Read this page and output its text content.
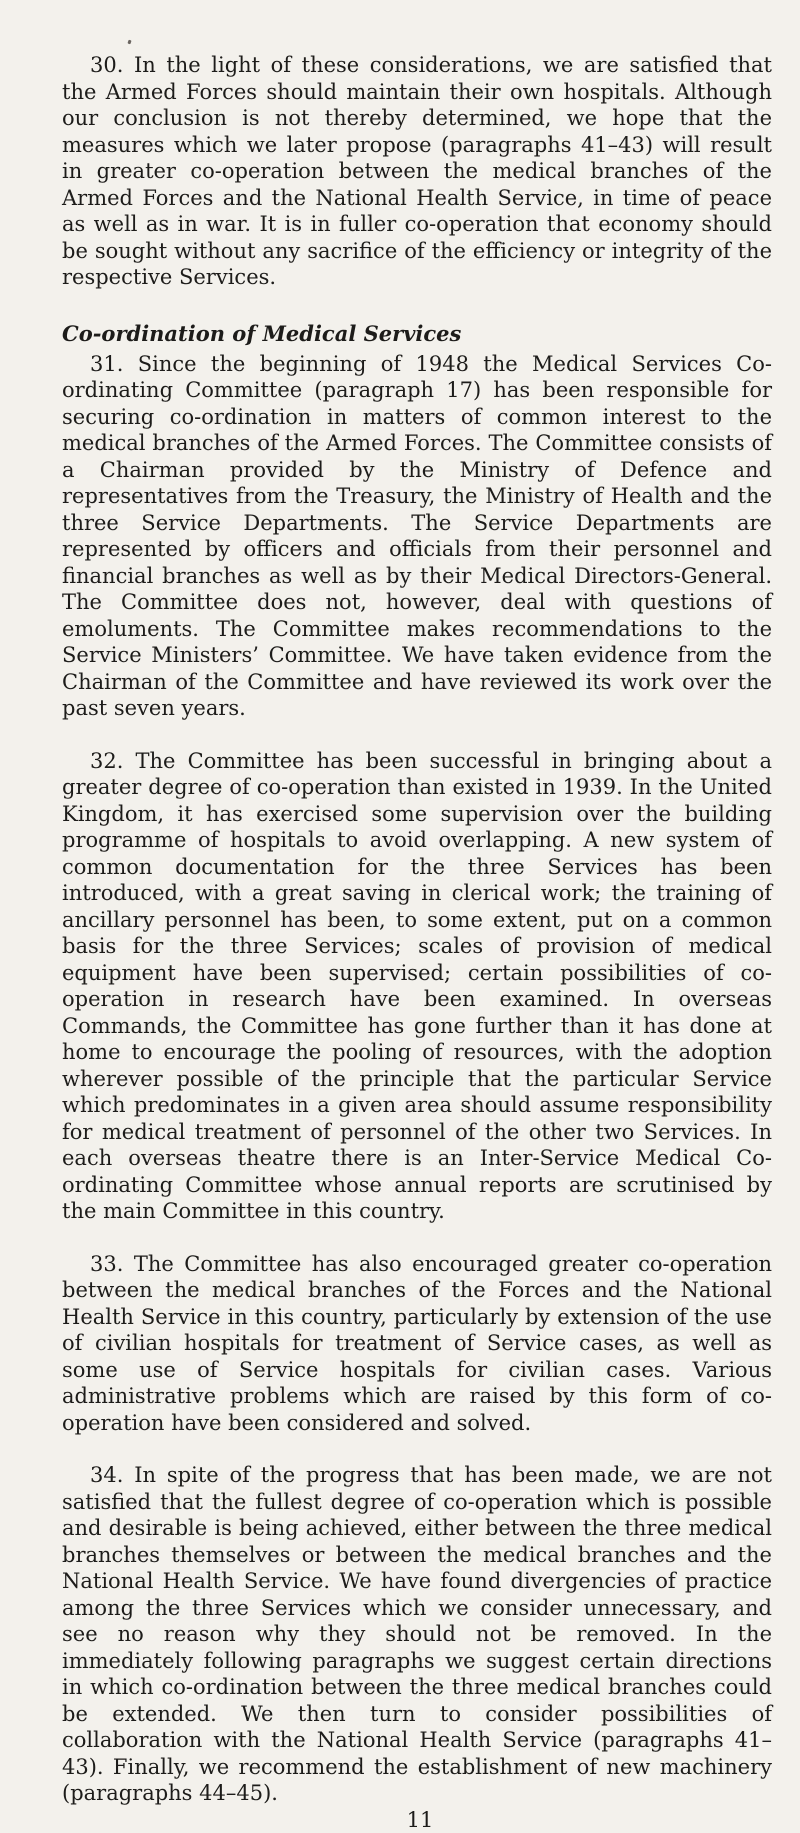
30. In the light of these considerations, we are satisfied that the Armed Forces should maintain their own hospitals. Although our conclusion is not thereby determined, we hope that the measures which we later propose (paragraphs 41–43) will result in greater co-operation between the medical branches of the Armed Forces and the National Health Service, in time of peace as well as in war. It is in fuller co-operation that economy should be sought without any sacrifice of the efficiency or integrity of the respective Services.

Co-ordination of Medical Services

31. Since the beginning of 1948 the Medical Services Co-ordinating Committee (paragraph 17) has been responsible for securing co-ordination in matters of common interest to the medical branches of the Armed Forces. The Committee consists of a Chairman provided by the Ministry of Defence and representatives from the Treasury, the Ministry of Health and the three Service Departments. The Service Departments are represented by officers and officials from their personnel and financial branches as well as by their Medical Directors-General. The Committee does not, however, deal with questions of emoluments. The Committee makes recommendations to the Service Ministers’ Committee. We have taken evidence from the Chairman of the Committee and have reviewed its work over the past seven years.

32. The Committee has been successful in bringing about a greater degree of co-operation than existed in 1939. In the United Kingdom, it has exercised some supervision over the building programme of hospitals to avoid overlapping. A new system of common documentation for the three Services has been introduced, with a great saving in clerical work; the training of ancillary personnel has been, to some extent, put on a common basis for the three Services; scales of provision of medical equipment have been supervised; certain possibilities of co-operation in research have been examined. In overseas Commands, the Committee has gone further than it has done at home to encourage the pooling of resources, with the adoption wherever possible of the principle that the particular Service which predominates in a given area should assume responsibility for medical treatment of personnel of the other two Services. In each overseas theatre there is an Inter-Service Medical Co-ordinating Committee whose annual reports are scrutinised by the main Committee in this country.

33. The Committee has also encouraged greater co-operation between the medical branches of the Forces and the National Health Service in this country, particularly by extension of the use of civilian hospitals for treatment of Service cases, as well as some use of Service hospitals for civilian cases. Various administrative problems which are raised by this form of co-operation have been considered and solved.

34. In spite of the progress that has been made, we are not satisfied that the fullest degree of co-operation which is possible and desirable is being achieved, either between the three medical branches themselves or between the medical branches and the National Health Service. We have found divergencies of practice among the three Services which we consider unnecessary, and see no reason why they should not be removed. In the immediately following paragraphs we suggest certain directions in which co-ordination between the three medical branches could be extended. We then turn to consider possibilities of collaboration with the National Health Service (paragraphs 41–43). Finally, we recommend the establishment of new machinery (paragraphs 44–45).

11
